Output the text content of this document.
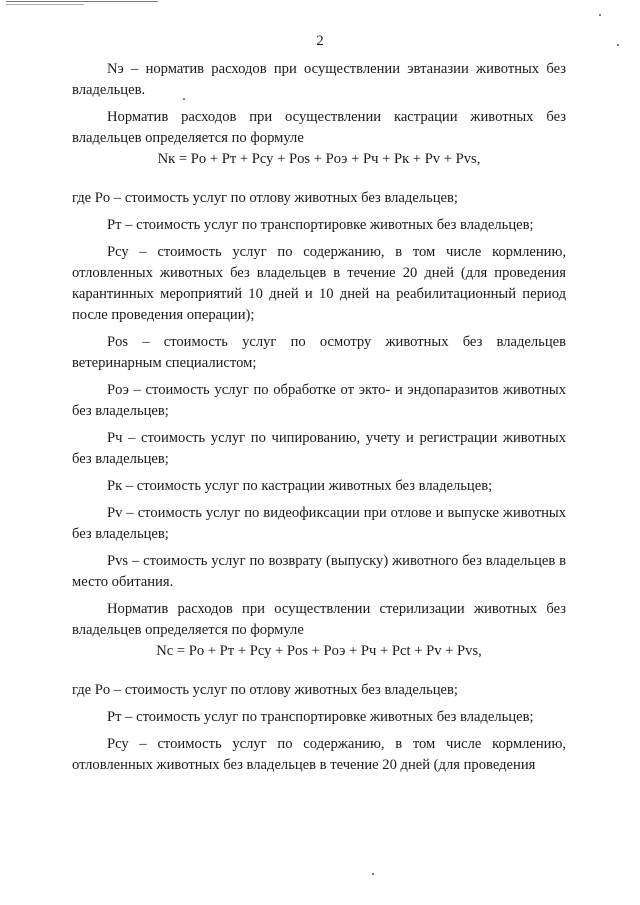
2

Nэ – норматив расходов при осуществлении эвтаназии животных без владельцев.

Норматив расходов при осуществлении кастрации животных без владельцев определяется по формуле

Nк = Pо + Pт + Pсу + Pos + Pоэ + Pч + Pк + Pv + Pvs,

где Pо – стоимость услуг по отлову животных без владельцев;

Pт – стоимость услуг по транспортировке животных без владельцев;

Pсу – стоимость услуг по содержанию, в том числе кормлению, отловленных животных без владельцев в течение 20 дней (для проведения карантинных мероприятий 10 дней и 10 дней на реабилитационный период после проведения операции);

Pos – стоимость услуг по осмотру животных без владельцев ветеринарным специалистом;

Pоэ – стоимость услуг по обработке от экто- и эндопаразитов животных без владельцев;

Pч – стоимость услуг по чипированию, учету и регистрации животных без владельцев;

Pк – стоимость услуг по кастрации животных без владельцев;

Pv – стоимость услуг по видеофиксации при отлове и выпуске животных без владельцев;

Pvs – стоимость услуг по возврату (выпуску) животного без владельцев в место обитания.

Норматив расходов при осуществлении стерилизации животных без владельцев определяется по формуле

Nс = Pо + Pт + Pсу + Pos + Pоэ + Pч + Pct + Pv + Pvs,

где Pо – стоимость услуг по отлову животных без владельцев;

Pт – стоимость услуг по транспортировке животных без владельцев;

Pсу – стоимость услуг по содержанию, в том числе кормлению, отловленных животных без владельцев в течение 20 дней (для проведения
